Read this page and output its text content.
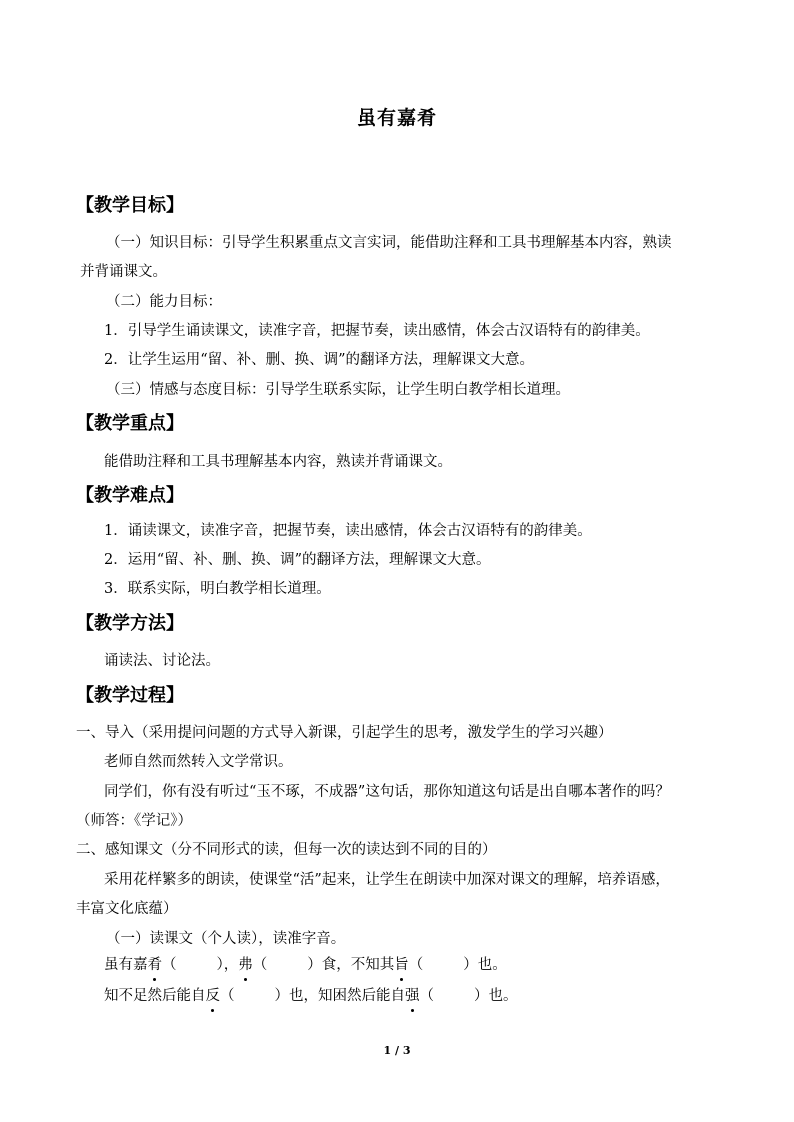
虽有嘉肴
【教学目标】
（一）知识目标：引导学生积累重点文言实词，能借助注释和工具书理解基本内容，熟读
并背诵课文。
（二）能力目标：
1．引导学生诵读课文，读准字音，把握节奏，读出感情，体会古汉语特有的韵律美。
2．让学生运用“留、补、删、换、调”的翻译方法，理解课文大意。
（三）情感与态度目标：引导学生联系实际，让学生明白教学相长道理。
【教学重点】
能借助注释和工具书理解基本内容，熟读并背诵课文。
【教学难点】
1．诵读课文，读准字音，把握节奏，读出感情，体会古汉语特有的韵律美。
2．运用“留、补、删、换、调”的翻译方法，理解课文大意。
3．联系实际，明白教学相长道理。
【教学方法】
诵读法、讨论法。
【教学过程】
一、导入（采用提问问题的方式导入新课，引起学生的思考，激发学生的学习兴趣）
老师自然而然转入文学常识。
同学们，你有没有听过“玉不琢，不成器”这句话，那你知道这句话是出自哪本著作的吗？
（师答：《学记》）
二、感知课文（分不同形式的读，但每一次的读达到不同的目的）
采用花样繁多的朗读，使课堂“活”起来，让学生在朗读中加深对课文的理解，培养语感，
丰富文化底蕴）
（一）读课文（个人读），读准字音。
虽有嘉肴（	），弗（	）食，不知其旨（	）也。
知不足然后能自反（	）也，知困然后能自强（	）也。
1 / 3
